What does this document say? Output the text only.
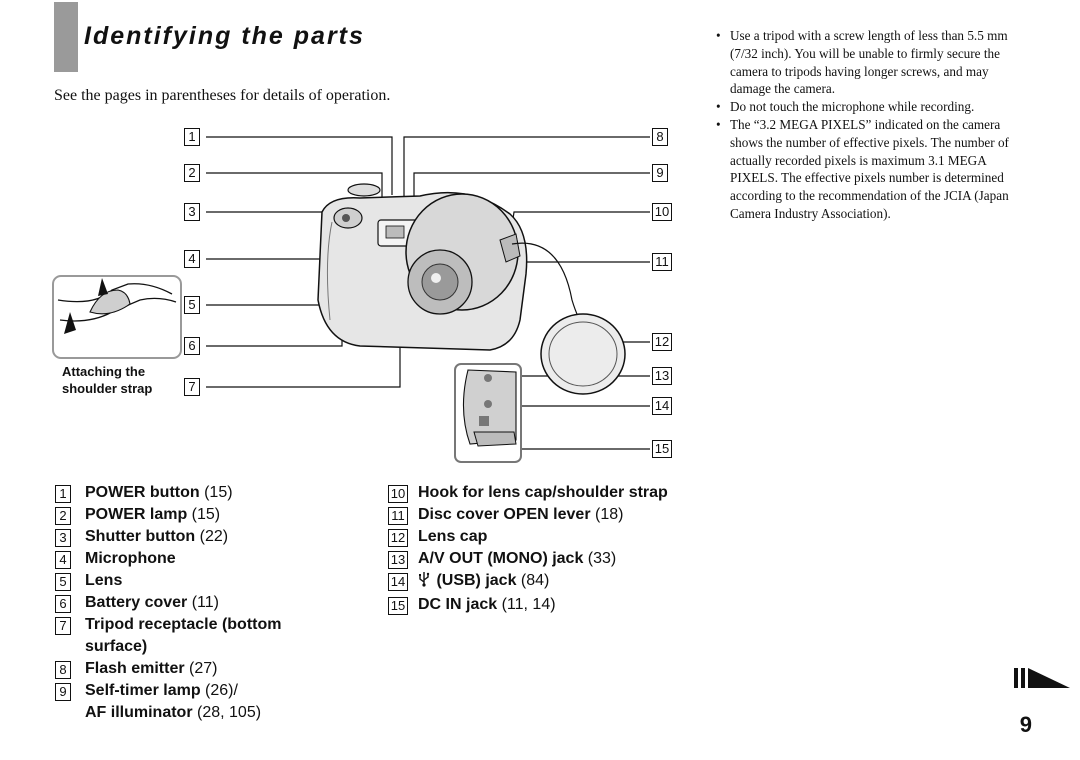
Identifying the parts
See the pages in parentheses for details of operation.
1
2
3
4
5
6
7
8
9
10
11
12
13
14
15
Attaching the
shoulder strap
• Use a tripod with a screw length of less than 5.5 mm (7/32 inch). You will be unable to firmly secure the camera to tripods having longer screws, and may damage the camera.
• Do not touch the microphone while recording.
• The “3.2 MEGA PIXELS” indicated on the camera shows the number of effective pixels. The number of actually recorded pixels is maximum 3.1 MEGA PIXELS. The effective pixels number is determined according to the recommendation of the JCIA (Japan Camera Industry Association).
1 POWER button (15)
2 POWER lamp (15)
3 Shutter button (22)
4 Microphone
5 Lens
6 Battery cover (11)
7 Tripod receptacle (bottom
surface)
8 Flash emitter (27)
9 Self-timer lamp (26)/
AF illuminator (28, 105)
10 Hook for lens cap/shoulder strap
11 Disc cover OPEN lever (18)
12 Lens cap
13 A/V OUT (MONO) jack (33)
14 (USB) jack (84)
15 DC IN jack (11, 14)
9
